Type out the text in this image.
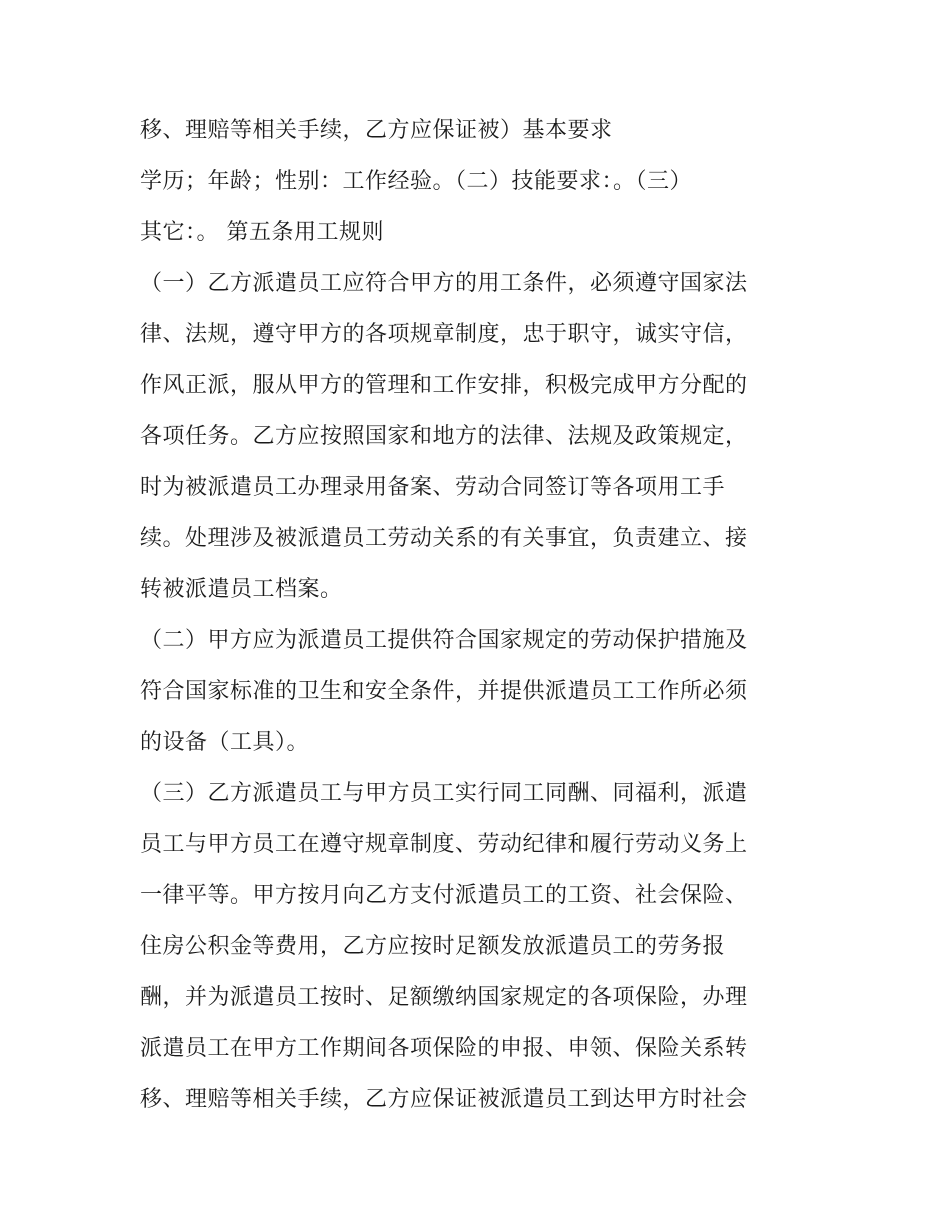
移、理赔等相关手续，乙方应保证被）基本要求
学历；年龄；性别：工作经验。（二）技能要求：。（三）
其它：。 第五条用工规则
（一）乙方派遣员工应符合甲方的用工条件，必须遵守国家法
律、法规，遵守甲方的各项规章制度，忠于职守，诚实守信，
作风正派，服从甲方的管理和工作安排，积极完成甲方分配的
各项任务。乙方应按照国家和地方的法律、法规及政策规定，
时为被派遣员工办理录用备案、劳动合同签订等各项用工手
续。处理涉及被派遣员工劳动关系的有关事宜，负责建立、接
转被派遣员工档案。
（二）甲方应为派遣员工提供符合国家规定的劳动保护措施及
符合国家标准的卫生和安全条件，并提供派遣员工工作所必须
的设备（工具）。
（三）乙方派遣员工与甲方员工实行同工同酬、同福利，派遣
员工与甲方员工在遵守规章制度、劳动纪律和履行劳动义务上
一律平等。甲方按月向乙方支付派遣员工的工资、社会保险、
住房公积金等费用，乙方应按时足额发放派遣员工的劳务报
酬，并为派遣员工按时、足额缴纳国家规定的各项保险，办理
派遣员工在甲方工作期间各项保险的申报、申领、保险关系转
移、理赔等相关手续，乙方应保证被派遣员工到达甲方时社会
